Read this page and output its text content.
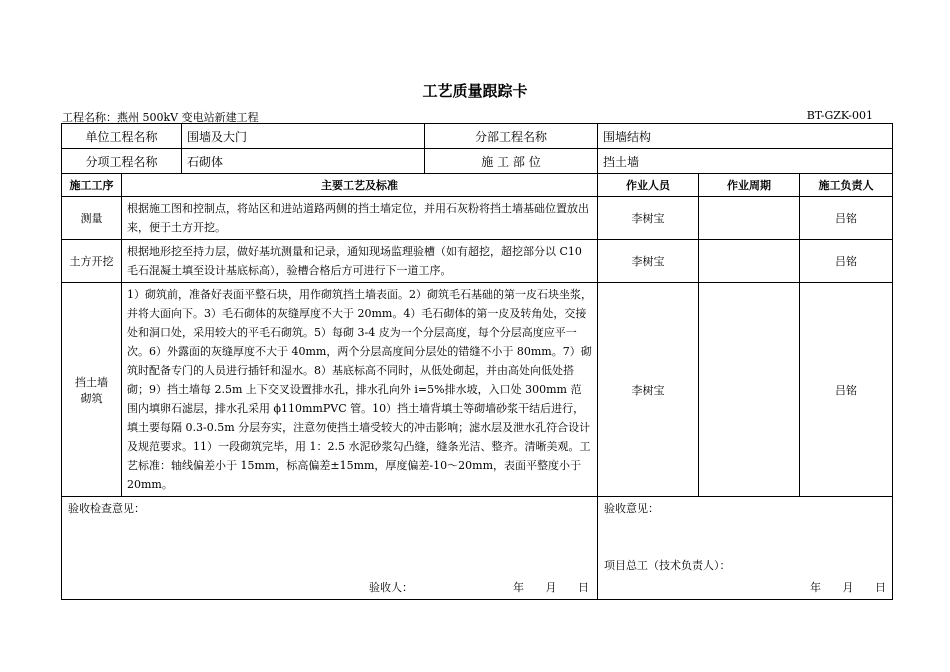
工艺质量跟踪卡
工程名称：燕州 500kV 变电站新建工程	BT-GZK-001
单位工程名称		围墙及大门	分部工程名称	围墙结构		
分项工程名称		石砌体	施 工 部 位	挡土墙		
施工工序	主要工艺及标准			作业人员	作业周期	施工负责人
测量	根据施工图和控制点，将站区和进站道路两侧的挡土墙定位，并用石灰粉将挡土墙基础位置放出来，便于土方开挖。			李树宝		吕铭
土方开挖	根据地形挖至持力层，做好基坑测量和记录，通知现场监理验槽（如有超挖，超挖部分以 C10 毛石混凝土填至设计基底标高），验槽合格后方可进行下一道工序。			李树宝		吕铭
挡土墙砌筑	1）砌筑前，准备好表面平整石块，用作砌筑挡土墙表面。2）砌筑毛石基础的第一皮石块坐浆，并将大面向下。3）毛石砌体的灰缝厚度不大于 20mm。4）毛石砌体的第一皮及转角处，交接处和洞口处，采用较大的平毛石砌筑。5）每砌 3-4 皮为一个分层高度，每个分层高度应平一次。6）外露面的灰缝厚度不大于 40mm，两个分层高度间分层处的错缝不小于 80mm。7）砌筑时配备专门的人员进行插钎和湿水。8）基底标高不同时，从低处砌起，并由高处向低处搭砌；9）挡土墙每 2.5m 上下交叉设置排水孔，排水孔向外 i=5%排水坡，入口处 300mm 范围内填卵石滤层，排水孔采用 ϕ110mmPVC 管。10）挡土墙背填土等砌墙砂浆干结后进行，填土要每隔 0.3-0.5m 分层夯实，注意勿使挡土墙受较大的冲击影响；滤水层及泄水孔符合设计及规范要求。11）一段砌筑完毕，用 1：2.5 水泥砂浆勾凸缝，缝条光洁、整齐。清晰美观。工艺标准：轴线偏差小于 15mm，标高偏差±15mm，厚度偏差-10～20mm，表面平整度小于 20mm。			李树宝		吕铭

验收检查意见：
验收人： 年 月 日				验收意见：
项目总工（技术负责人）：
年 月 日		
